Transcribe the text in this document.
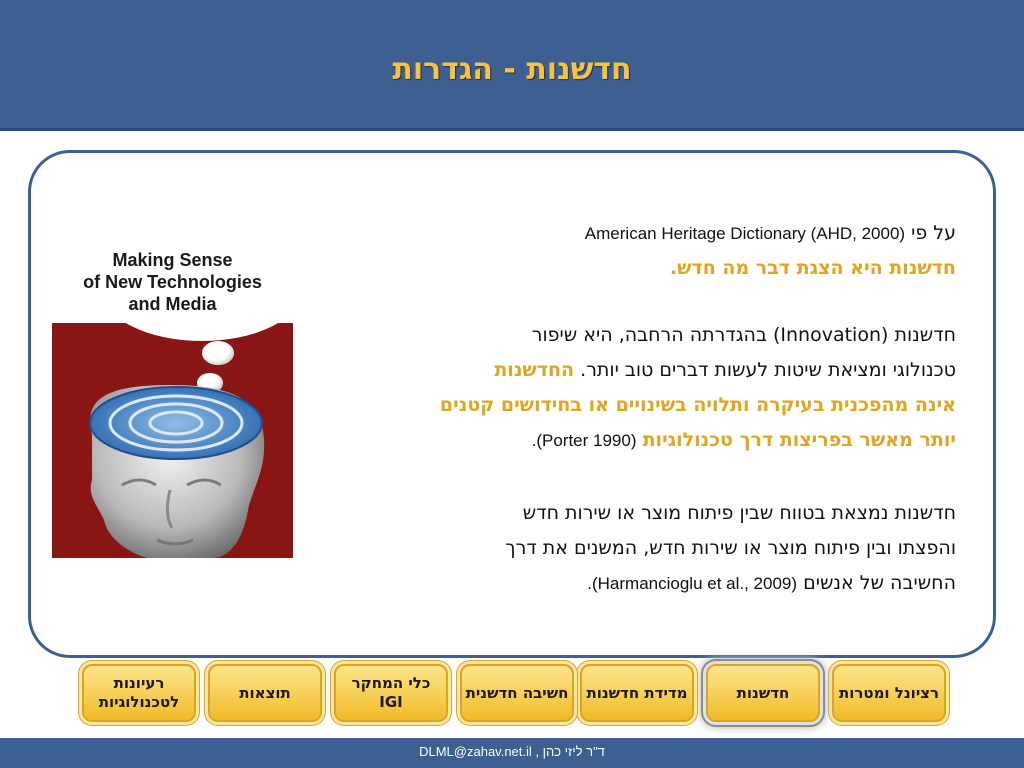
חדשנות - הגדרות
Making Sense
of New Technologies
and Media
על פי American Heritage Dictionary (AHD, 2000)
חדשנות היא הצגת דבר מה חדש.
חדשנות (Innovation) בהגדרתה הרחבה, היא שיפור
טכנולוגי ומציאת שיטות לעשות דברים טוב יותר. החדשנות
אינה מהפכנית בעיקרה ותלויה בשינויים או בחידושים קטנים
יותר מאשר בפריצות דרך טכנולוגיות (Porter 1990).
חדשנות נמצאת בטווח שבין פיתוח מוצר או שירות חדש
והפצתו ובין פיתוח מוצר או שירות חדש, המשנים את דרך
החשיבה של אנשים (Harmancioglu et al., 2009).
רציונל ומטרות
חדשנות
מדידת חדשנות
חשיבה חדשנית
כלי המחקר
IGI
תוצאות
רעיונות לטכנולוגיות
ד"ר ליזי כהן , DLML@zahav.net.il
